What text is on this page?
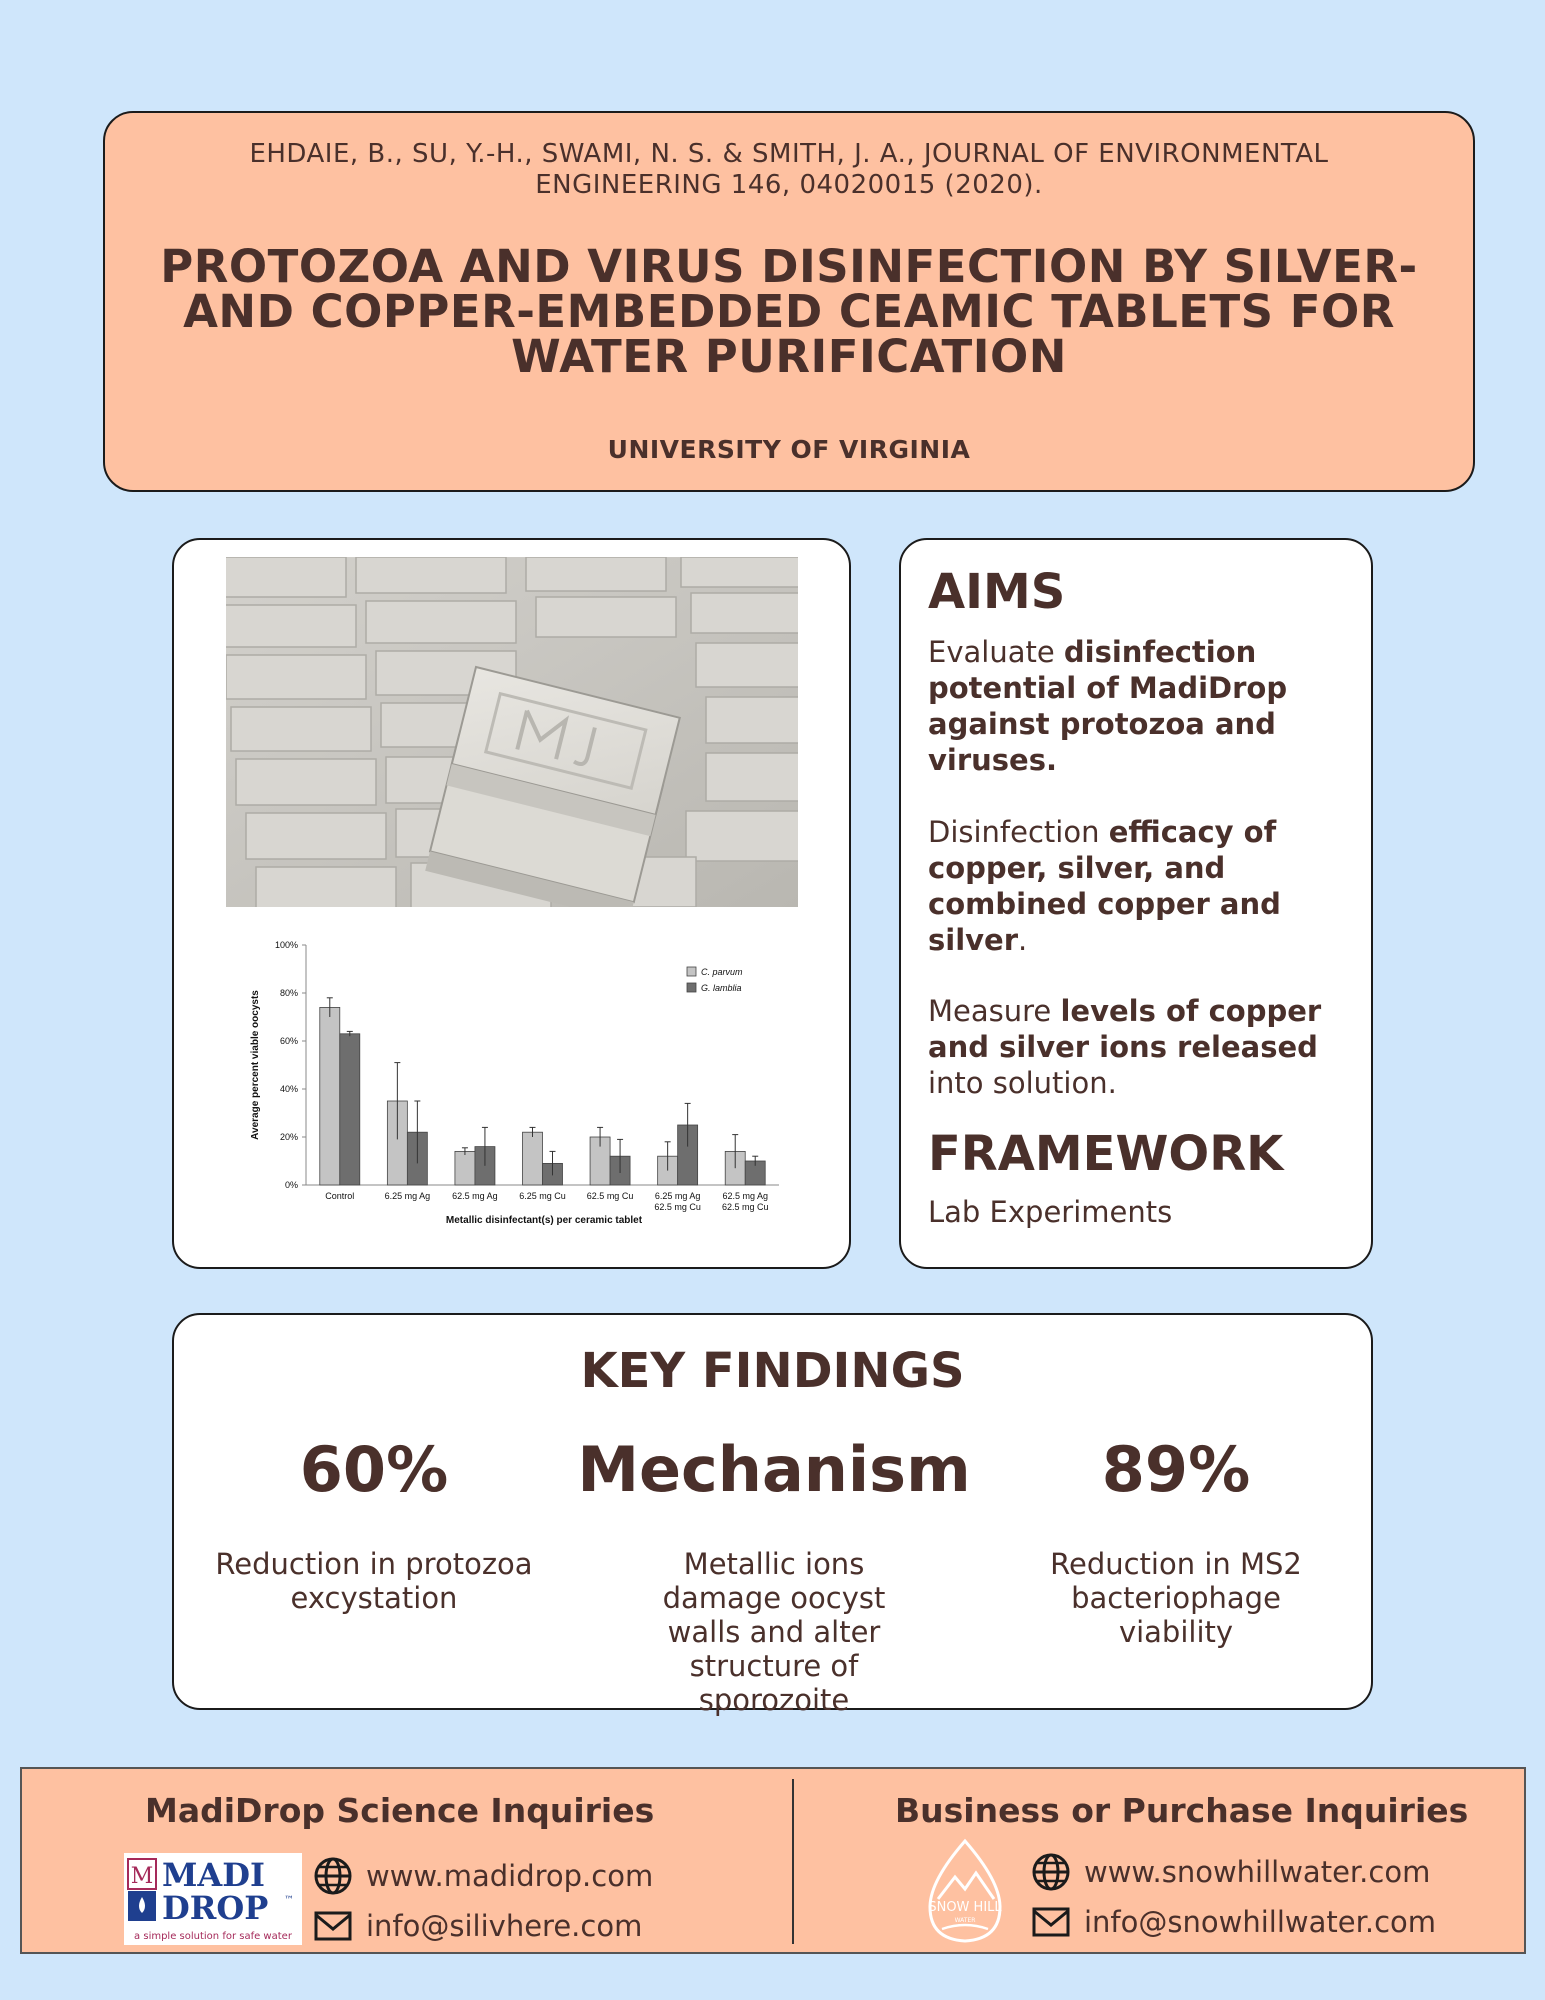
EHDAIE, B., SU, Y.-H., SWAMI, N. S. & SMITH, J. A., JOURNAL OF ENVIRONMENTAL ENGINEERING 146, 04020015 (2020).
PROTOZOA AND VIRUS DISINFECTION BY SILVER- AND COPPER-EMBEDDED CEAMIC TABLETS FOR WATER PURIFICATION
UNIVERSITY OF VIRGINIA
0%
20%
40%
60%
80%
100%
Control	6.25 mg Ag 62.5 mg Ag 6.25 mg Cu 62.5 mg Cu 6.25 mg Ag
62.5 mg Cu
62.5 mg Ag
62.5 mg Cu
Average percent viable oocysts
Metallic disinfectant(s) per ceramic tablet
C. parvum
G. lamblia
AIMS
Evaluate disinfection potential of MadiDrop against protozoa and viruses.
Disinfection efficacy of copper, silver, and combined copper and silver.
Measure levels of copper and silver ions released into solution.
FRAMEWORK
Lab Experiments
KEY FINDINGS
60%
Reduction in protozoa excystation
Mechanism
Metallic ions damage oocyst walls and alter structure of sporozoite
89%
Reduction in MS2 bacteriophage viability
MadiDrop Science Inquiries	Business or Purchase Inquiries
M MADI
DROP ™
a simple solution for safe water
www.madidrop.com
info@silivhere.com
SNOW HILL
WATER
www.snowhillwater.com
info@snowhillwater.com
